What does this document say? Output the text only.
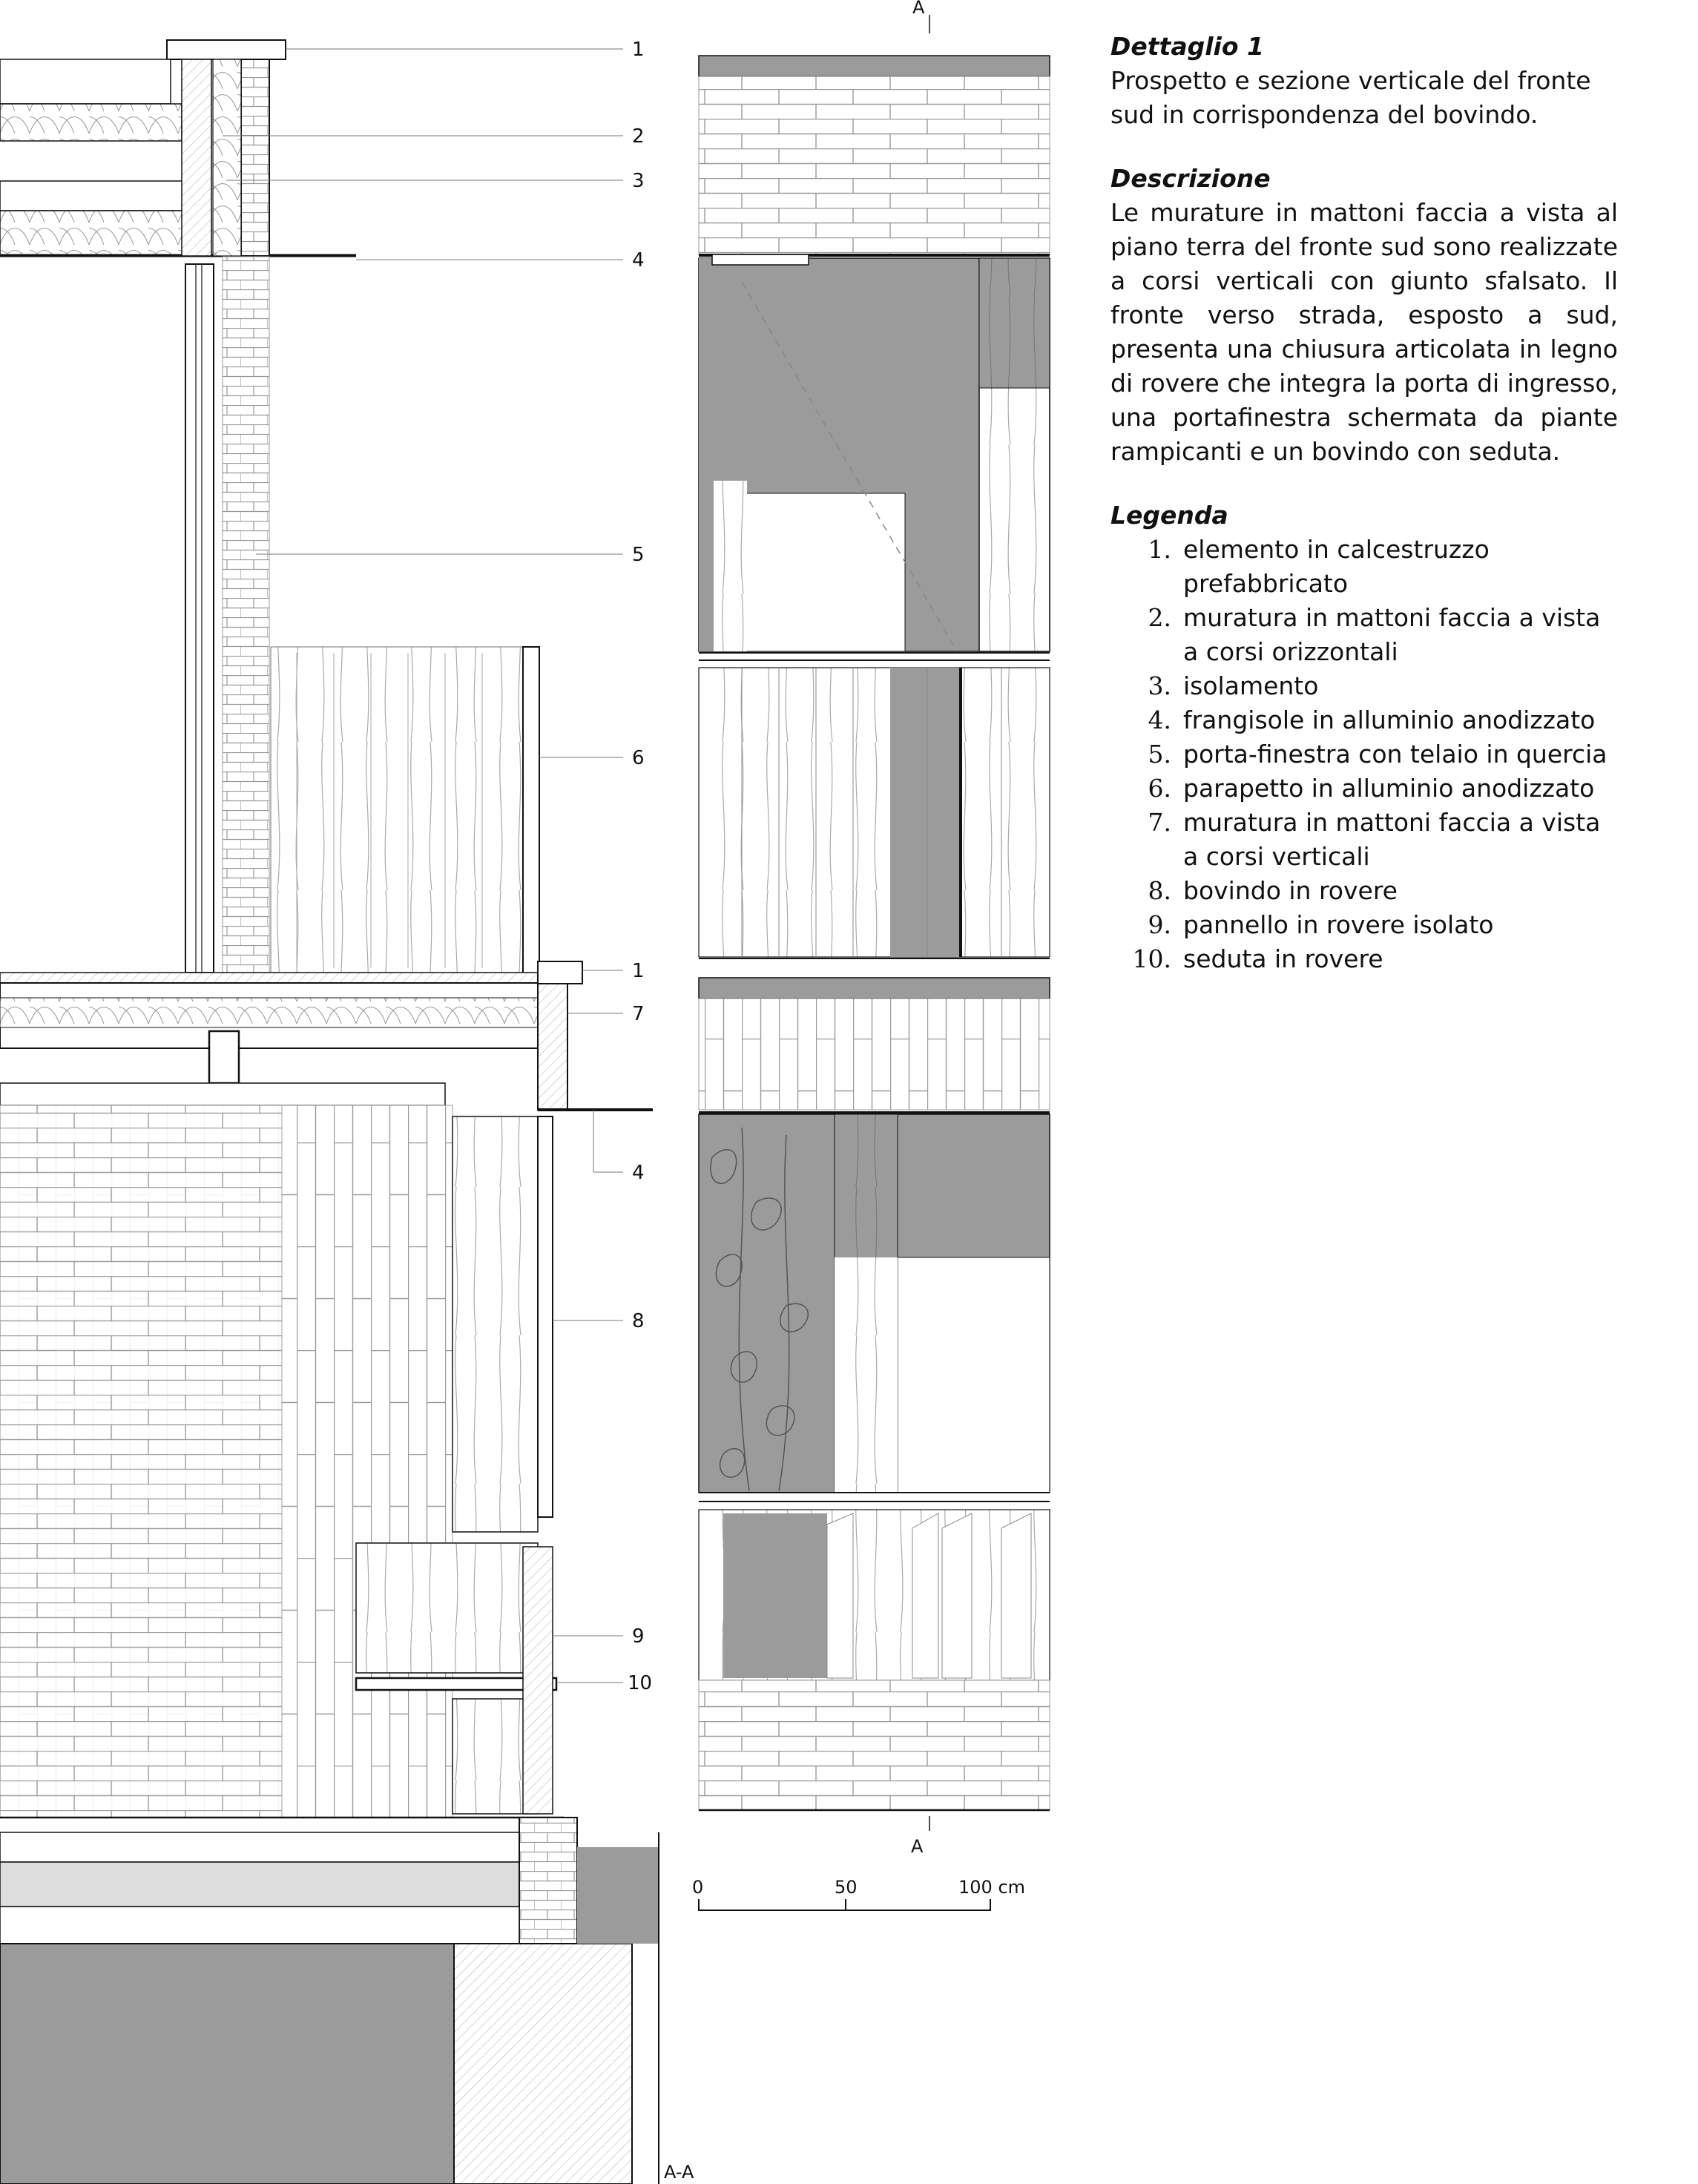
1
2
3
4
5
6
1
7
4
8
9
10
A
A
A-A
0	50	100 cm

Dettaglio 1

Prospetto e sezione verticale del fronte sud in corrispondenza del bovindo.

Descrizione

Le murature in mattoni faccia a vista al piano terra del fronte sud sono realizzate a corsi verticali con giunto sfalsato. Il fronte verso strada, esposto a sud, presenta una chiusura articolata in legno di rovere che integra la porta di ingresso, una portafinestra schermata da piante rampicanti e un bovindo con seduta.

Legenda

1. elemento in calcestruzzo prefabbricato
2. muratura in mattoni faccia a vista a corsi orizzontali
3. isolamento
4. frangisole in alluminio anodizzato
5. porta-finestra con telaio in quercia
6. parapetto in alluminio anodizzato
7. muratura in mattoni faccia a vista a corsi verticali
8. bovindo in rovere
9. pannello in rovere isolato
10. seduta in rovere
